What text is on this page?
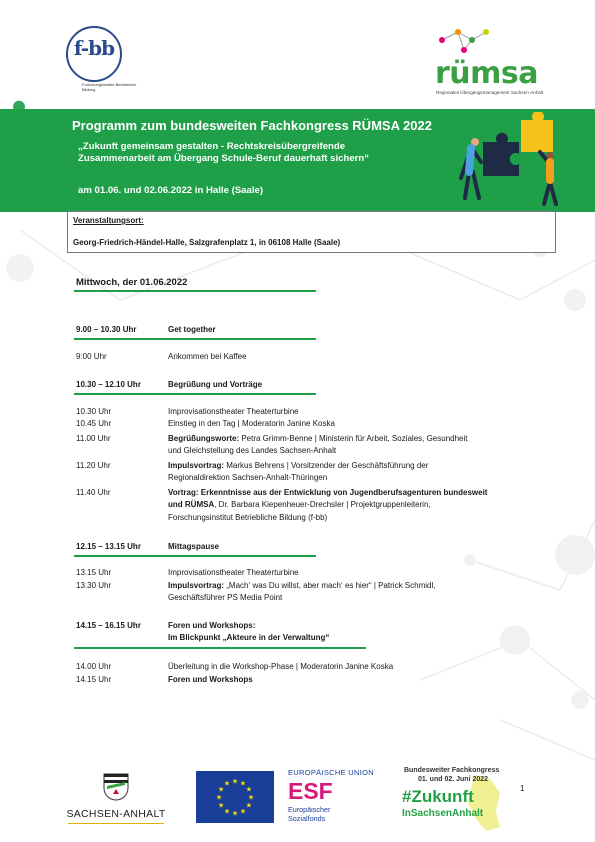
f-bb
Forschungsinstitut Betriebliche Bildung	rümsa
Regionales Übergangsmanagement Sachsen-Anhalt
Programm zum bundesweiten Fachkongress RÜMSA 2022
„Zukunft gemeinsam gestalten - Rechtskreisübergreifende
Zusammenarbeit am Übergang Schule-Beruf dauerhaft sichern“
am 01.06. und 02.06.2022 in Halle (Saale)
Veranstaltungsort:
Georg-Friedrich-Händel-Halle, Salzgrafenplatz 1, in 06108 Halle (Saale)
Mittwoch, der 01.06.2022
9.00 – 10.30 Uhr	Get together
9:00 Uhr	Ankommen bei Kaffee
10.30 – 12.10 Uhr	Begrüßung und Vorträge
10.30 Uhr	Improvisationstheater Theaterturbine
10.45 Uhr	Einstieg in den Tag | Moderatorin Janine Koska
11.00 Uhr	Begrüßungsworte: Petra Grimm-Benne | Ministerin für Arbeit, Soziales, Gesundheit
und Gleichstellung des Landes Sachsen-Anhalt
11.20 Uhr	Impulsvortrag: Markus Behrens | Vorsitzender der Geschäftsführung der
Regionaldirektion Sachsen-Anhalt-Thüringen
11.40 Uhr	Vortrag: Erkenntnisse aus der Entwicklung von Jugendberufsagenturen bundesweit
und RÜMSA, Dr. Barbara Kiepenheuer-Drechsler | Projektgruppenleiterin,
Forschungsinstitut Betriebliche Bildung (f-bb)
12.15 – 13.15 Uhr	Mittagspause
13.15 Uhr	Improvisationstheater Theaterturbine
13.30 Uhr	Impulsvortrag: „Mach‘ was Du willst, aber mach‘ es hier“ | Patrick Schmidl,
Geschäftsführer PS Media Point
14.15 – 16.15 Uhr	Foren und Workshops:
Im Blickpunkt „Akteure in der Verwaltung“
14.00 Uhr	Überleitung in die Workshop-Phase | Moderatorin Janine Koska
14.15 Uhr	Foren und Workshops
SACHSEN-ANHALT
★ ★
★
★
★
★
★
★
★
★
★
★
EUROPÄISCHE UNION
ESF
Europäischer
Sozialfonds
Bundesweiter Fachkongress
01. und 02. Juni 2022
#Zukunft
InSachsenAnhalt
1
